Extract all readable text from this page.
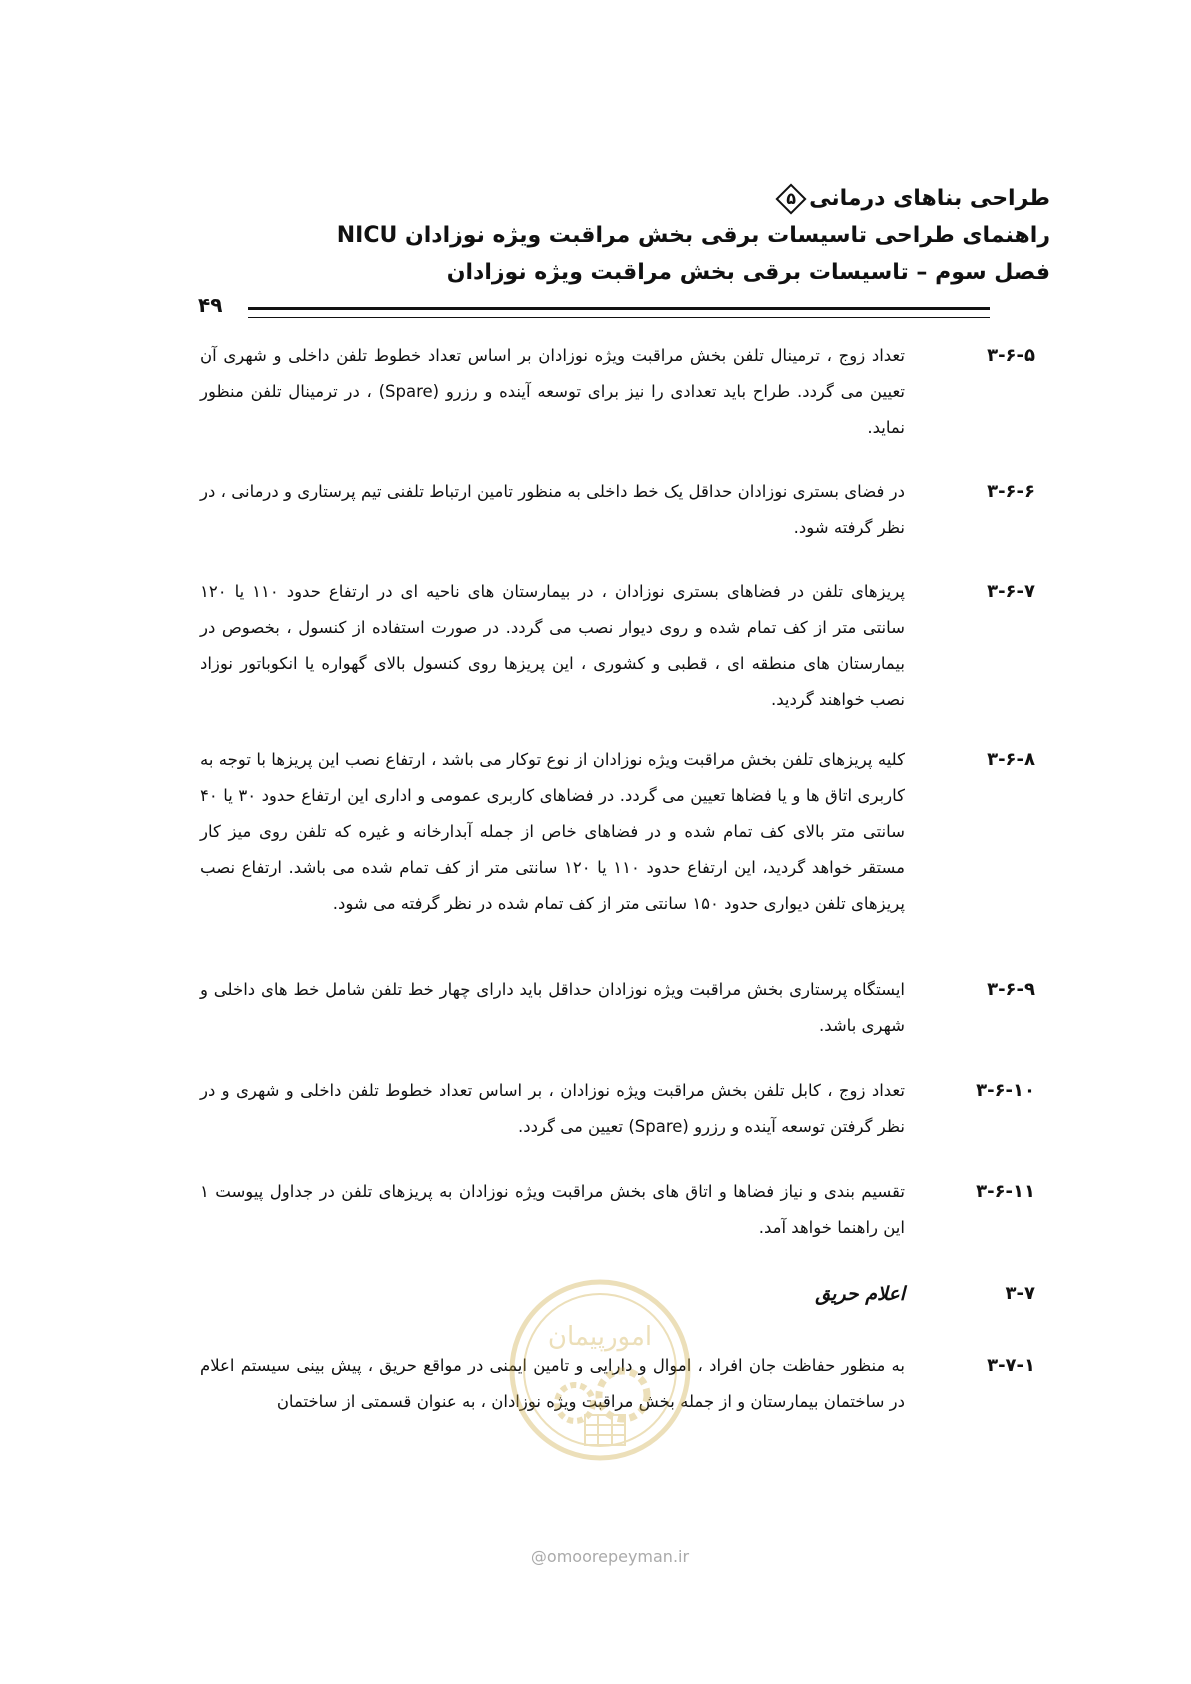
طراحی بناهای درمانی
۵
راهنمای طراحی تاسیسات برقی بخش مراقبت ویژه نوزادان NICU
فصل سوم – تاسیسات برقی بخش مراقبت ویژه نوزادان
۴۹
۳-۶-۵
تعداد زوج ، ترمینال تلفن بخش مراقبت ویژه نوزادان بر اساس تعداد خطوط تلفن داخلی و شهری آن تعیین می گردد. طراح باید تعدادی را نیز برای توسعه آینده و رزرو (Spare) ، در ترمینال تلفن منظور نماید.
۳-۶-۶
در فضای بستری نوزادان حداقل یک خط داخلی به منظور تامین ارتباط تلفنی تیم پرستاری و درمانی ، در نظر گرفته شود.
۳-۶-۷
پریزهای تلفن در فضاهای بستری نوزادان ، در بیمارستان های ناحیه ای در ارتفاع حدود ۱۱۰ یا ۱۲۰ سانتی متر از کف تمام شده و روی دیوار نصب می گردد. در صورت استفاده از کنسول ، بخصوص در بیمارستان های منطقه ای ، قطبی و کشوری ، این پریزها روی کنسول بالای گهواره یا انکوباتور نوزاد نصب خواهند گردید.
۳-۶-۸
کلیه پریزهای تلفن بخش مراقبت ویژه نوزادان از نوع توکار می باشد ، ارتفاع نصب این پریزها با توجه به کاربری اتاق ها و یا فضاها تعیین می گردد. در فضاهای کاربری عمومی و اداری این ارتفاع حدود ۳۰ یا ۴۰ سانتی متر بالای کف تمام شده و در فضاهای خاص از جمله آبدارخانه و غیره که تلفن روی میز کار مستقر خواهد گردید، این ارتفاع حدود ۱۱۰ یا ۱۲۰ سانتی متر از کف تمام شده می باشد. ارتفاع نصب پریزهای تلفن دیواری حدود ۱۵۰ سانتی متر از کف تمام شده در نظر گرفته می شود.
۳-۶-۹
ایستگاه پرستاری بخش مراقبت ویژه نوزادان حداقل باید دارای چهار خط تلفن شامل خط های داخلی و شهری باشد.
۳-۶-۱۰
تعداد زوج ، کابل تلفن بخش مراقبت ویژه نوزادان ، بر اساس تعداد خطوط تلفن داخلی و شهری و در نظر گرفتن توسعه آینده و رزرو (Spare) تعیین می گردد.
۳-۶-۱۱
تقسیم بندی و نیاز فضاها و اتاق های بخش مراقبت ویژه نوزادان به پریزهای تلفن در جداول پیوست ۱ این راهنما خواهد آمد.
۳-۷
اعلام حریق
۳-۷-۱
به منظور حفاظت جان افراد ، اموال و دارایی و تامین ایمنی در مواقع حریق ، پیش بینی سیستم اعلام در ساختمان بیمارستان و از جمله بخش مراقبت ویژه نوزادان ، به عنوان قسمتی از ساختمان
امورپیمان
@omoorepeyman.ir
